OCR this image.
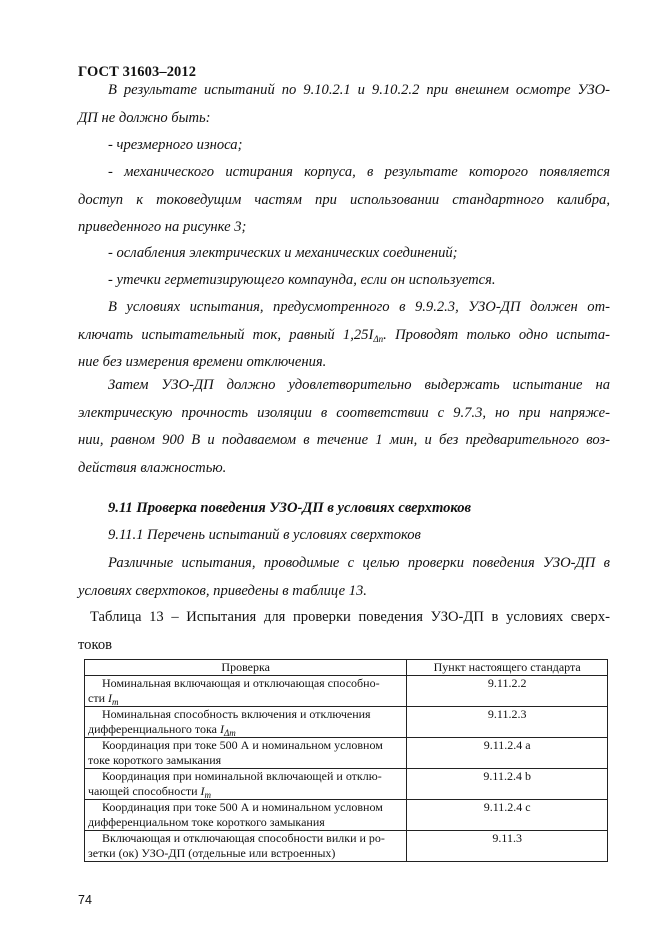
ГОСТ 31603–2012
В результате испытаний по 9.10.2.1 и 9.10.2.2 при внешнем осмотре УЗО-
ДП не должно быть:
- чрезмерного износа;
- механического истирания корпуса, в результате которого появляется
доступ к токоведущим частям при использовании стандартного калибра,
приведенного на рисунке 3;
- ослабления электрических и механических соединений;
- утечки герметизирующего компаунда, если он используется.
В условиях испытания, предусмотренного в 9.9.2.3, УЗО-ДП должен от-
ключать испытательный ток, равный $1,25I_{\Delta n}$. Проводят только одно испыта-
ние без измерения времени отключения.
Затем УЗО-ДП должно удовлетворительно выдержать испытание на
электрическую прочность изоляции в соответствии с 9.7.3, но при напряже-
нии, равном 900 В и подаваемом в течение 1 мин, и без предварительного воз-
действия влажностью.
9.11 Проверка поведения УЗО-ДП в условиях сверхтоков
9.11.1 Перечень испытаний в условиях сверхтоков
Различные испытания, проводимые с целью проверки поведения УЗО-ДП в
условиях сверхтоков, приведены в таблице 13.
Таблица 13 – Испытания для проверки поведения УЗО-ДП в условиях сверх-
токов
Проверка	Пункт настоящего стандарта

Номинальная включающая и отключающая способно-
сти $I_m$	9.11.2.2

Номинальная способность включения и отключения
дифференциального тока $I_{\Delta m}$	9.11.2.3

Координация при токе 500 А и номинальном условном
токе короткого замыкания	9.11.2.4 а

Координация при номинальной включающей и отклю-
чающей способности $I_m$	9.11.2.4 b

Координация при токе 500 А и номинальном условном
дифференциальном токе короткого замыкания	9.11.2.4 с

Включающая и отключающая способности вилки и ро-
зетки (ок) УЗО-ДП (отдельные или встроенных)	9.11.3
74
